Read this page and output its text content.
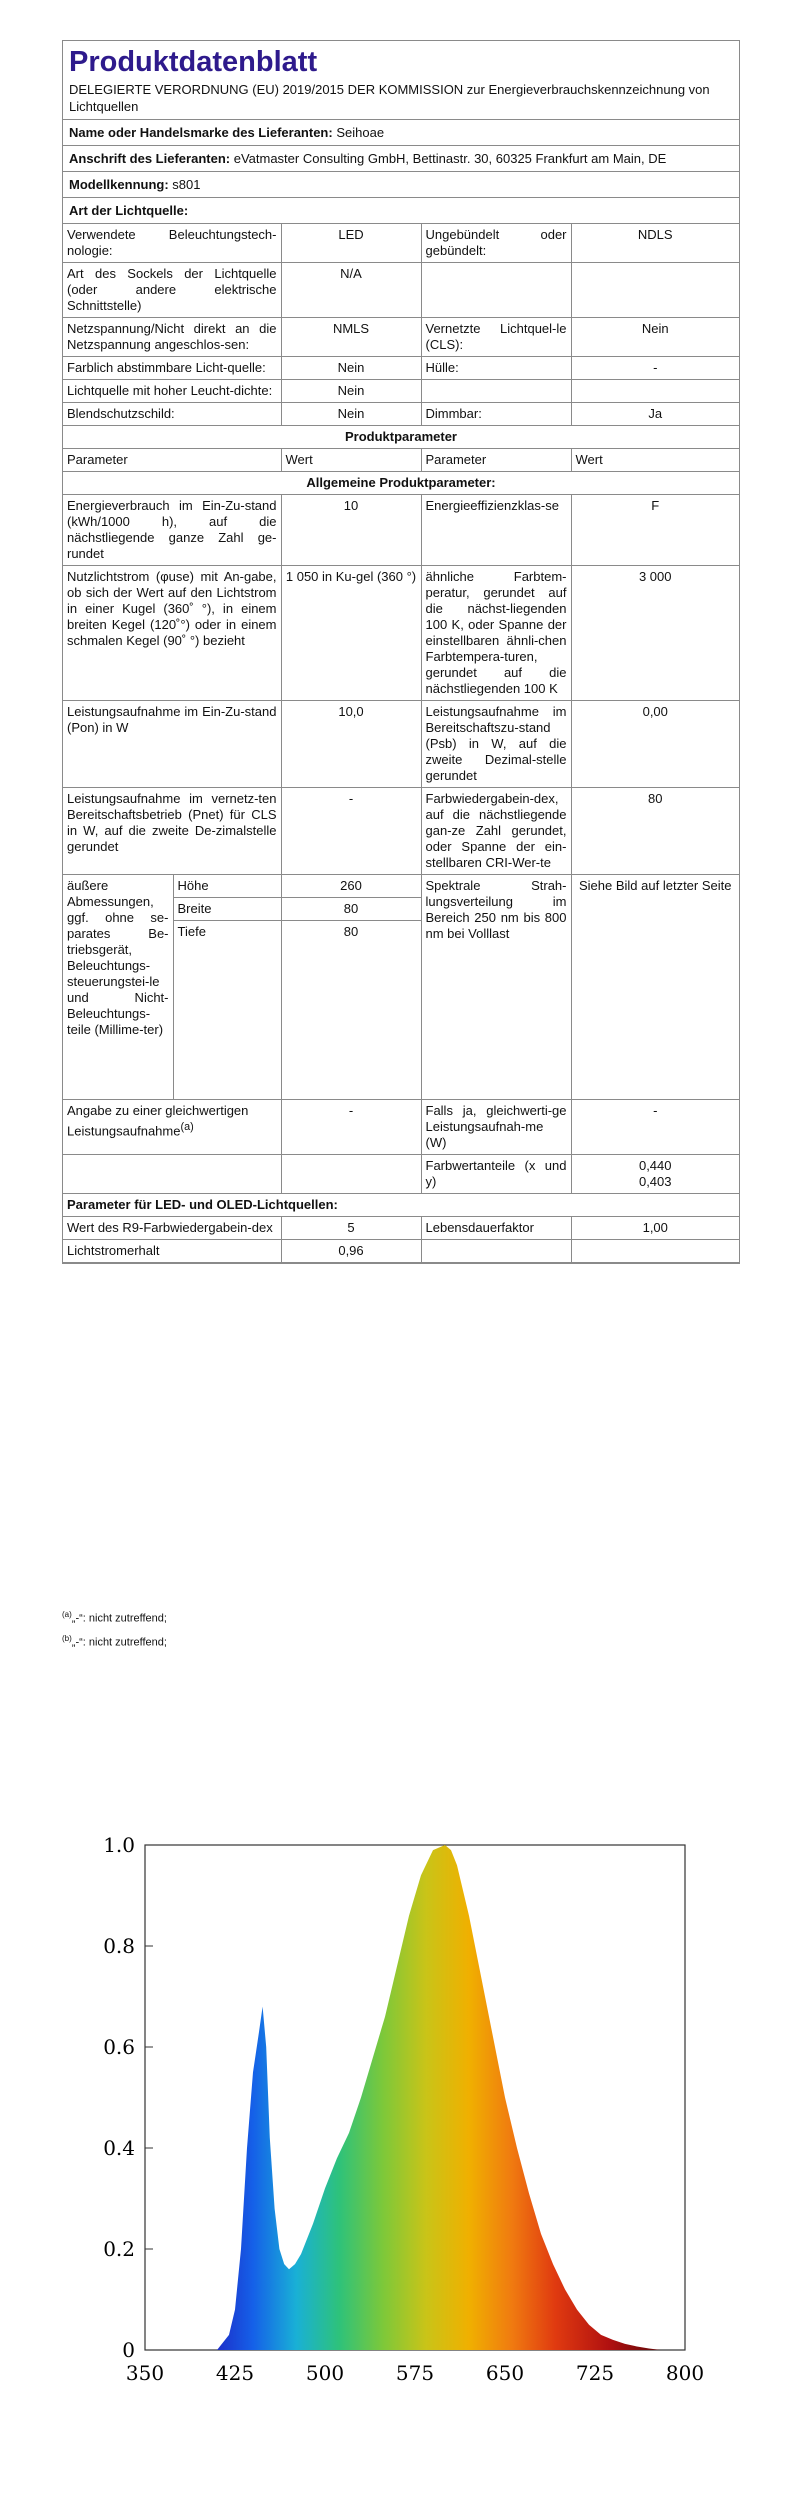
Produktdatenblatt
DELEGIERTE VERORDNUNG (EU) 2019/2015 DER KOMMISSION zur Energieverbrauchskennzeichnung von Lichtquellen
Name oder Handelsmarke des Lieferanten: Seihoae
Anschrift des Lieferanten: eVatmaster Consulting GmbH, Bettinastr. 30, 60325 Frankfurt am Main, DE
Modellkennung: s801
Art der Lichtquelle:
Verwendete Beleuchtungstech-nologie:	LED	Ungebündelt oder gebündelt:	NDLS
Art des Sockels der Lichtquelle (oder andere elektrische Schnittstelle)	N/A		
Netzspannung/Nicht direkt an die Netzspannung angeschlos-sen:	NMLS	Vernetzte Lichtquel-le (CLS):	Nein
Farblich abstimmbare Licht-quelle:	Nein	Hülle:	-
Lichtquelle mit hoher Leucht-dichte:	Nein		
Blendschutzschild:	Nein	Dimmbar:	Ja
Produktparameter				
Parameter		Wert	Parameter	Wert
Allgemeine Produktparameter:				
Energieverbrauch im Ein-Zu-stand (kWh/1000 h), auf die nächstliegende ganze Zahl ge-rundet		10	Energieeffizienzklas-se	F
Nutzlichtstrom (φuse) mit An-gabe, ob sich der Wert auf den Lichtstrom in einer Kugel (360˚ °), in einem breiten Kegel (120˚°) oder in einem schmalen Kegel (90˚ °) bezieht		1 050 in Ku-gel (360 °)	ähnliche Farbtem-peratur, gerundet auf die nächst-liegenden 100 K, oder Spanne der einstellbaren ähnli-chen Farbtempera-turen, gerundet auf die nächstliegenden 100 K	3 000
Leistungsaufnahme im Ein-Zu-stand (Pon) in W		10,0	Leistungsaufnahme im Bereitschaftszu-stand (Psb) in W, auf die zweite Dezimal-stelle gerundet	0,00
Leistungsaufnahme im vernetz-ten Bereitschaftsbetrieb (Pnet) für CLS in W, auf die zweite De-zimalstelle gerundet		-	Farbwiedergabein-dex, auf die nächstliegende gan-ze Zahl gerundet, oder Spanne der ein-stellbaren CRI-Wer-te	80
äußere Abmessungen, ggf. ohne se-parates Be-triebsgerät, Beleuchtungs-steuerungstei-le und Nicht-Beleuchtungs-teile (Millime-ter)	Höhe	260	Spektrale Strah-lungsverteilung im Bereich 250 nm bis 800 nm bei Volllast	Siehe Bild auf letzter Seite
	Breite	80		
	Tiefe	80		
Angabe zu einer gleichwertigen Leistungsaufnahme$^{(a)}$		-	Falls ja, gleichwerti-ge Leistungsaufnah-me (W)	-
			Farbwertanteile (x und y)	0,440
0,403

Parameter für LED- und OLED-Lichtquellen:				
Wert des R9-Farbwiedergabein-dex		5	Lebensdauerfaktor	1,00
Lichtstromerhalt		0,96		
$^{(a)}$„-“: nicht zutreffend;
$^{(b)}$„-“: nicht zutreffend;
0
0.2
0.4
0.6
0.8
1.0
350	425	500	575	650	725	800
